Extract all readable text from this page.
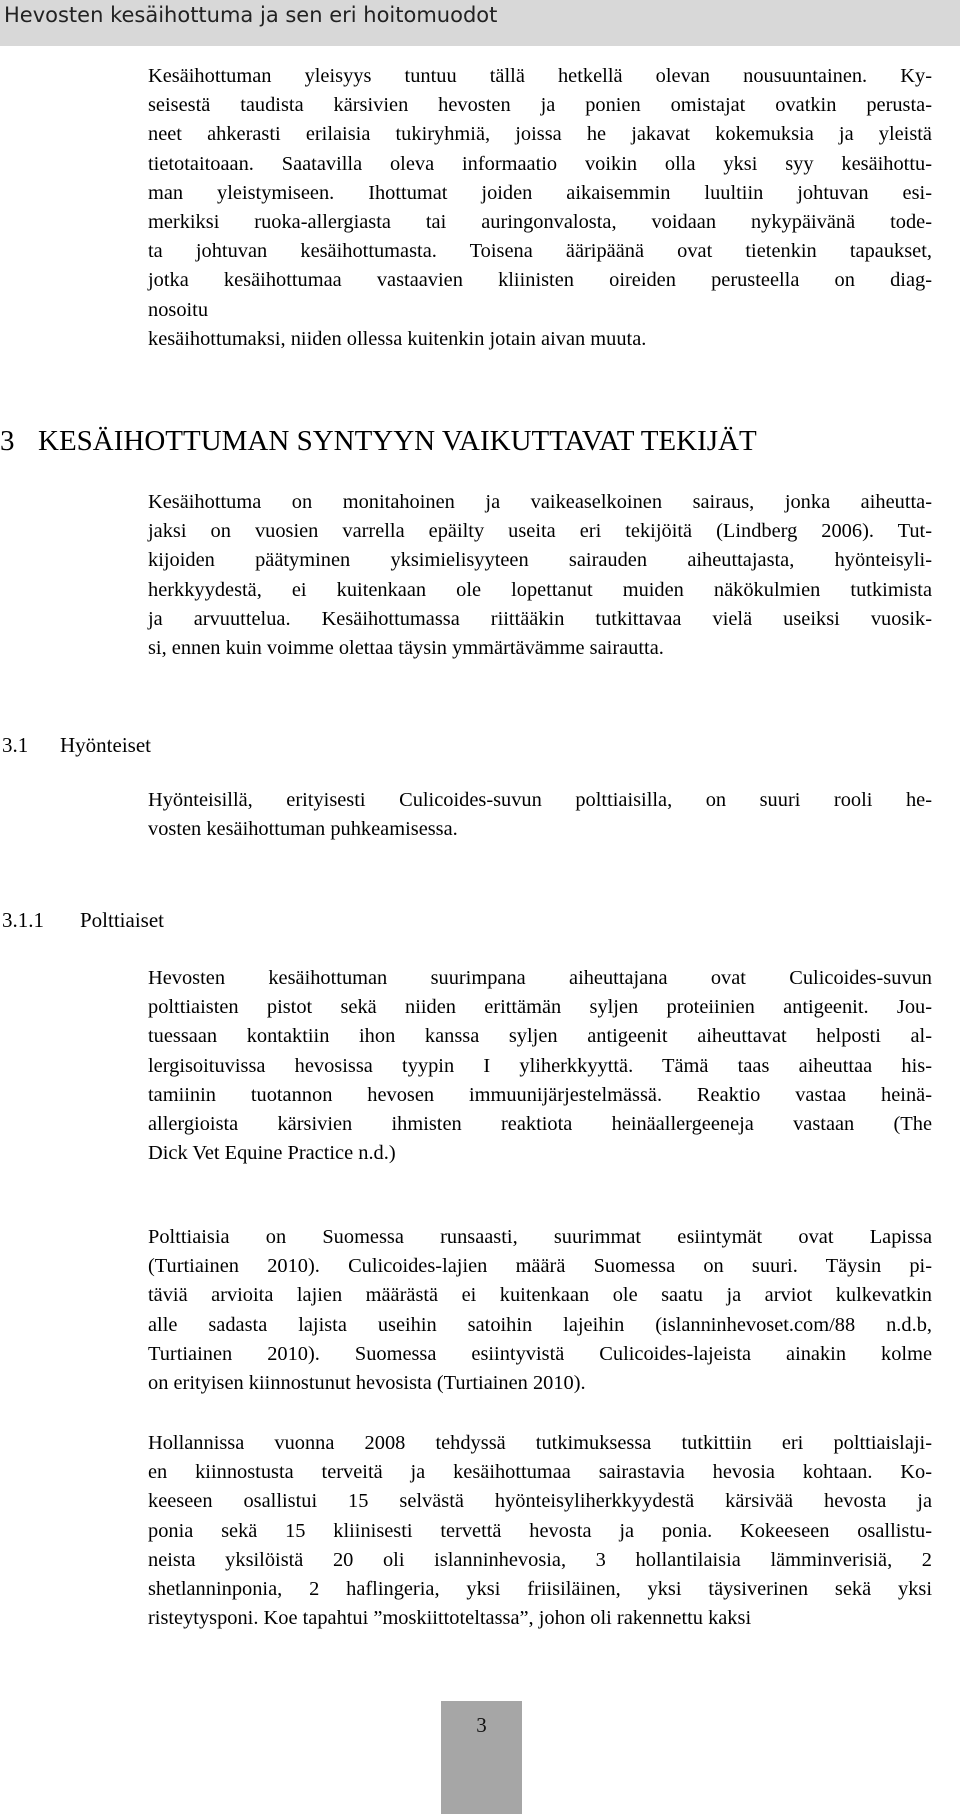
Hevosten kesäihottuma ja sen eri hoitomuodot
Kesäihottuman yleisyys tuntuu tällä hetkellä olevan nousuuntainen. Ky-
seisestä taudista kärsivien hevosten ja ponien omistajat ovatkin perusta-
neet ahkerasti erilaisia tukiryhmiä, joissa he jakavat kokemuksia ja yleistä
tietotaitoaan. Saatavilla oleva informaatio voikin olla yksi syy kesäihottu-
man yleistymiseen. Ihottumat joiden aikaisemmin luultiin johtuvan esi-
merkiksi ruoka-allergiasta tai auringonvalosta, voidaan nykypäivänä tode-
ta johtuvan kesäihottumasta. Toisena ääripäänä ovat tietenkin tapaukset,
jotka kesäihottumaa vastaavien kliinisten oireiden perusteella on diag-
nosoitu
kesäihottumaksi, niiden ollessa kuitenkin jotain aivan muuta.
3 KESÄIHOTTUMAN SYNTYYN VAIKUTTAVAT TEKIJÄT
Kesäihottuma on monitahoinen ja vaikeaselkoinen sairaus, jonka aiheutta-
jaksi on vuosien varrella epäilty useita eri tekijöitä (Lindberg 2006). Tut-
kijoiden päätyminen yksimielisyyteen sairauden aiheuttajasta, hyönteisyli-
herkkyydestä, ei kuitenkaan ole lopettanut muiden näkökulmien tutkimista
ja arvuuttelua. Kesäihottumassa riittääkin tutkittavaa vielä useiksi vuosik-
si, ennen kuin voimme olettaa täysin ymmärtävämme sairautta.
3.1 Hyönteiset
Hyönteisillä, erityisesti Culicoides-suvun polttiaisilla, on suuri rooli he-
vosten kesäihottuman puhkeamisessa.
3.1.1 Polttiaiset
Hevosten kesäihottuman suurimpana aiheuttajana ovat Culicoides-suvun
polttiaisten pistot sekä niiden erittämän syljen proteiinien antigeenit. Jou-
tuessaan kontaktiin ihon kanssa syljen antigeenit aiheuttavat helposti al-
lergisoituvissa hevosissa tyypin I yliherkkyyttä. Tämä taas aiheuttaa his-
tamiinin tuotannon hevosen immuunijärjestelmässä. Reaktio vastaa heinä-
allergioista kärsivien ihmisten reaktiota heinäallergeeneja vastaan (The
Dick Vet Equine Practice n.d.)
Polttiaisia on Suomessa runsaasti, suurimmat esiintymät ovat Lapissa
(Turtiainen 2010). Culicoides-lajien määrä Suomessa on suuri. Täysin pi-
täviä arvioita lajien määrästä ei kuitenkaan ole saatu ja arviot kulkevatkin
alle sadasta lajista useihin satoihin lajeihin (islanninhevoset.com/88 n.d.b,
Turtiainen 2010). Suomessa esiintyvistä Culicoides-lajeista ainakin kolme
on erityisen kiinnostunut hevosista (Turtiainen 2010).
Hollannissa vuonna 2008 tehdyssä tutkimuksessa tutkittiin eri polttiaislaji-
en kiinnostusta terveitä ja kesäihottumaa sairastavia hevosia kohtaan. Ko-
keeseen osallistui 15 selvästä hyönteisyliherkkyydestä kärsivää hevosta ja
ponia sekä 15 kliinisesti tervettä hevosta ja ponia. Kokeeseen osallistu-
neista yksilöistä 20 oli islanninhevosia, 3 hollantilaisia lämminverisiä, 2
shetlanninponia, 2 haflingeria, yksi friisiläinen, yksi täysiverinen sekä yksi
risteytysponi. Koe tapahtui ”moskiittoteltassa”, johon oli rakennettu kaksi
3
